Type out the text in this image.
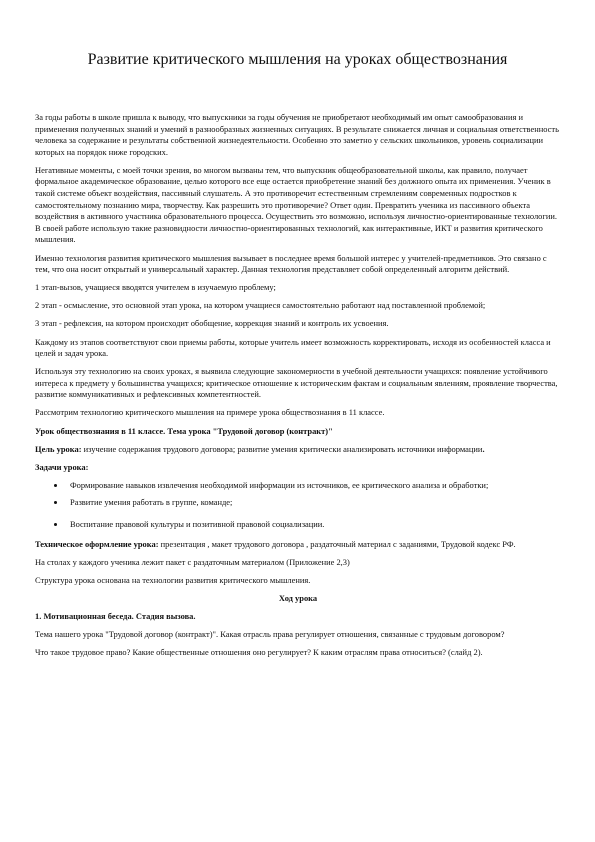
Развитие критического мышления на уроках обществознания

За годы работы в школе пришла к выводу, что выпускники за годы обучения не приобретают необходимый им опыт самообразования и применения полученных знаний и умений в разнообразных жизненных ситуациях. В результате снижается личная и социальная ответственность человека за содержание и результаты собственной жизнедеятельности. Особенно это заметно у сельских школьников, уровень социализации которых на порядок ниже городских.

Негативные моменты, с моей точки зрения, во многом вызваны тем, что выпускник общеобразовательной школы, как правило, получает формальное академическое образование, целью которого все еще остается приобретение знаний без должного опыта их применения. Ученик в такой системе объект воздействия, пассивный слушатель. А это противоречит естественным стремлениям современных подростков к самостоятельному познанию мира, творчеству. Как разрешить это противоречие? Ответ один. Превратить ученика из пассивного объекта воздействия в активного участника образовательного процесса. Осуществить это возможно, используя личностно-ориентированные технологии. В своей работе использую такие разновидности личностно-ориентированных технологий, как интерактивные, ИКТ и развития критического мышления.

Именно технология развития критического мышления вызывает в последнее время большой интерес у учителей-предметников. Это связано с тем, что она носит открытый и универсальный характер. Данная технология представляет собой определенный алгоритм действий.

1 этап-вызов, учащиеся вводятся учителем в изучаемую проблему;

2 этап - осмысление, это основной этап урока, на котором учащиеся самостоятельно работают над поставленной проблемой;

3 этап - рефлексия, на котором происходит обобщение, коррекция знаний и контроль их усвоения.

Каждому из этапов соответствуют свои приемы работы, которые учитель имеет возможность корректировать, исходя из особенностей класса и целей и задач урока.

Используя эту технологию на своих уроках, я выявила следующие закономерности в учебной деятельности учащихся: появление устойчивого интереса к предмету у большинства учащихся; критическое отношение к историческим фактам и социальным явлениям, проявление творчества, развитие коммуникативных и рефлексивных компетентностей.

Рассмотрим технологию критического мышления на примере урока обществознания в 11 классе.

Урок обществознания в 11 классе. Тема урока "Трудовой договор (контракт)"

Цель урока: изучение содержания трудового договора; развитие умения критически анализировать источники информации.

Задачи урока:

Формирование навыков извлечения необходимой информации из источников, ее критического анализа и обработки;
Развитие умения работать в группе, команде;
Воспитание правовой культуры и позитивной правовой социализации.

Техническое оформление урока: презентация , макет трудового договора , раздаточный материал с заданиями, Трудовой кодекс РФ.

На столах у каждого ученика лежит пакет с раздаточным материалом (Приложение 2,3)

Структура урока основана на технологии развития критического мышления.

Ход урока

1. Мотивационная беседа. Стадия вызова.

Тема нашего урока "Трудовой договор (контракт)". Какая отрасль права регулирует отношения, связанные с трудовым договором?

Что такое трудовое право? Какие общественные отношения оно регулирует? К каким отраслям права относиться? (слайд 2).
